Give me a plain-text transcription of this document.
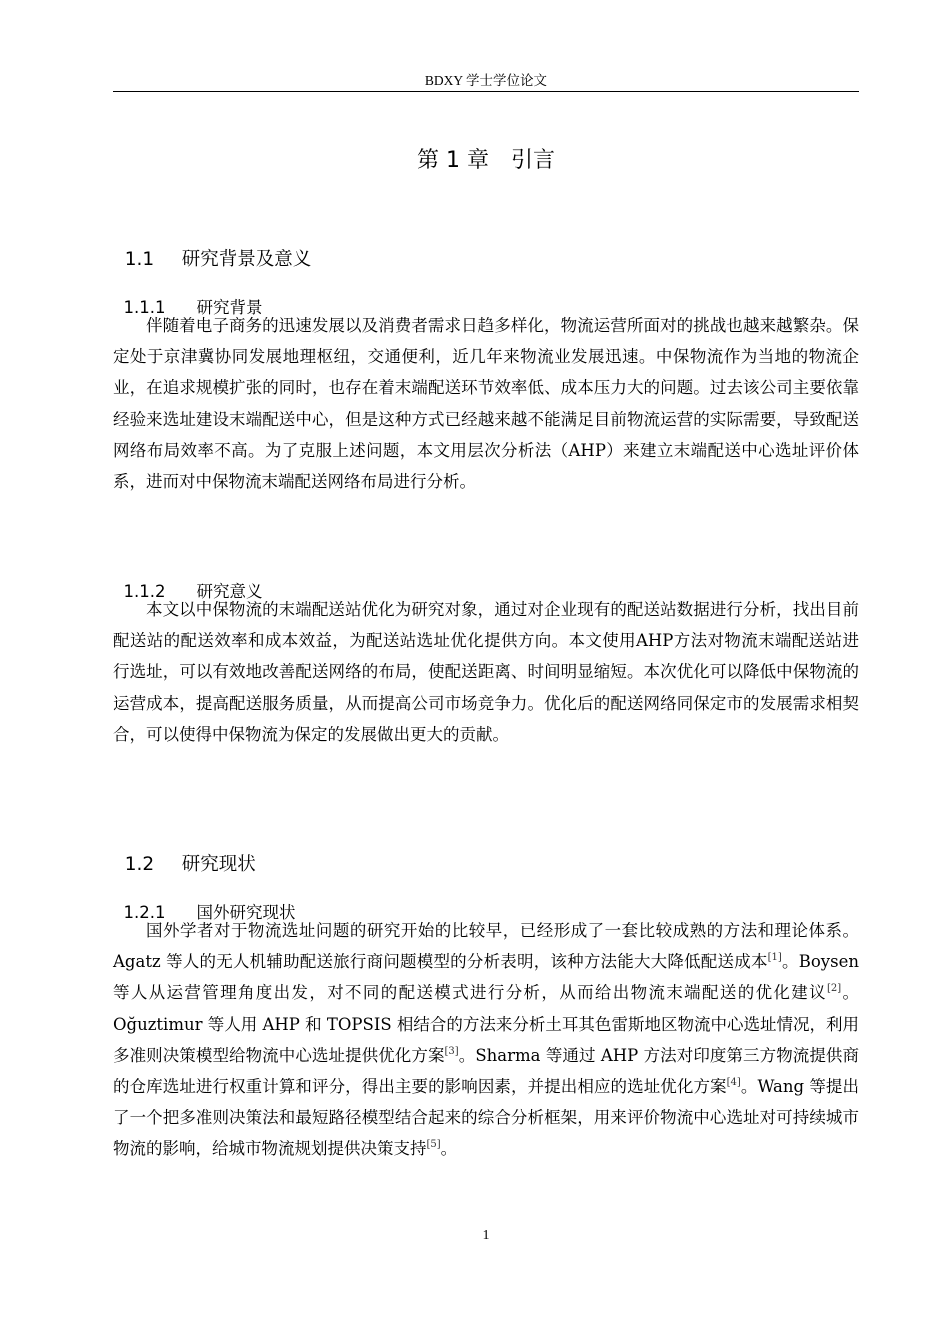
BDXY 学士学位论文
第 1 章　引言

1.1 研究背景及意义

1.1.1 研究背景

伴随着电子商务的迅速发展以及消费者需求日趋多样化，物流运营所面对的挑战也越来越繁杂。保定处于京津冀协同发展地理枢纽，交通便利，近几年来物流业发展迅速。中保物流作为当地的物流企业，在追求规模扩张的同时，也存在着末端配送环节效率低、成本压力大的问题。过去该公司主要依靠经验来选址建设末端配送中心，但是这种方式已经越来越不能满足目前物流运营的实际需要，导致配送网络布局效率不高。为了克服上述问题，本文用层次分析法（AHP）来建立末端配送中心选址评价体系，进而对中保物流末端配送网络布局进行分析。

1.1.2 研究意义

本文以中保物流的末端配送站优化为研究对象，通过对企业现有的配送站数据进行分析，找出目前配送站的配送效率和成本效益，为配送站选址优化提供方向。本文使用AHP方法对物流末端配送站进行选址，可以有效地改善配送网络的布局，使配送距离、时间明显缩短。本次优化可以降低中保物流的运营成本，提高配送服务质量，从而提高公司市场竞争力。优化后的配送网络同保定市的发展需求相契合，可以使得中保物流为保定的发展做出更大的贡献。

1.2 研究现状

1.2.1 国外研究现状

国外学者对于物流选址问题的研究开始的比较早，已经形成了一套比较成熟的方法和理论体系。Agatz 等人的无人机辅助配送旅行商问题模型的分析表明，该种方法能大大降低配送成本[1]。Boysen 等人从运营管理角度出发，对不同的配送模式进行分析，从而给出物流末端配送的优化建议[2]。Oğuztimur 等人用 AHP 和 TOPSIS 相结合的方法来分析土耳其色雷斯地区物流中心选址情况，利用多准则决策模型给物流中心选址提供优化方案[3]。Sharma 等通过 AHP 方法对印度第三方物流提供商的仓库选址进行权重计算和评分，得出主要的影响因素，并提出相应的选址优化方案[4]。Wang 等提出了一个把多准则决策法和最短路径模型结合起来的综合分析框架，用来评价物流中心选址对可持续城市物流的影响，给城市物流规划提供决策支持[5]。

1
